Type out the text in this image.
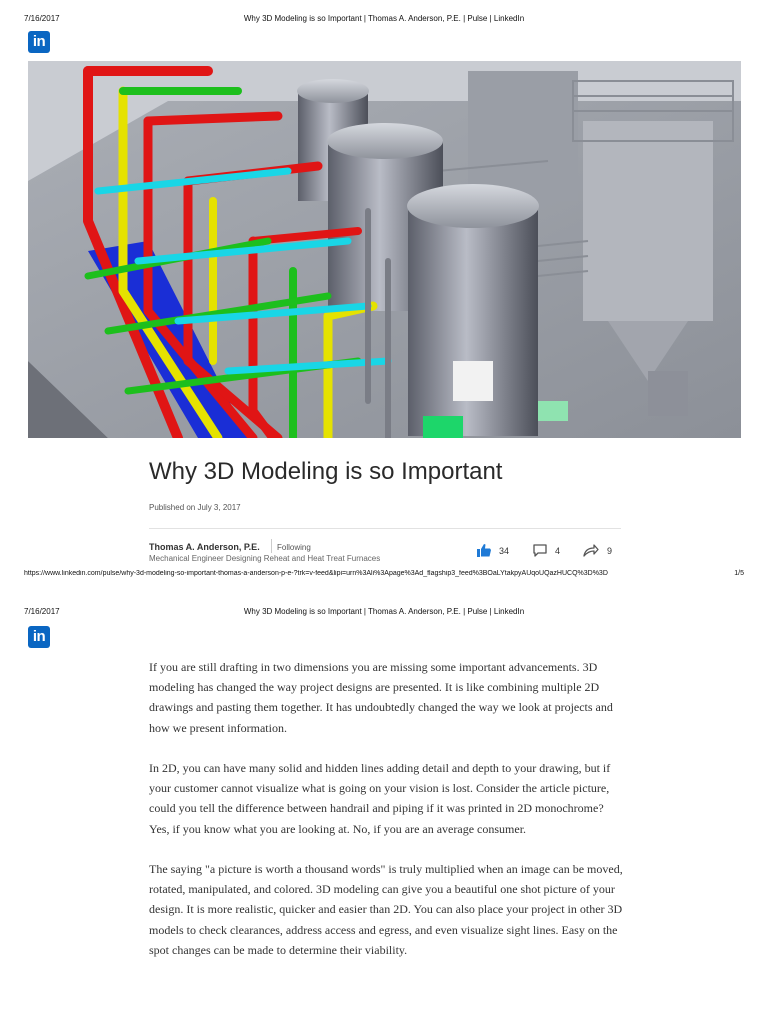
7/16/2017	Why 3D Modeling is so Important | Thomas A. Anderson, P.E. | Pulse | LinkedIn
in
Why 3D Modeling is so Important
Published on July 3, 2017
Thomas A. Anderson, P.E. Following
Mechanical Engineer Designing Reheat and Heat Treat Furnaces
34	4	9
https://www.linkedin.com/pulse/why-3d-modeling-so-important-thomas-a-anderson-p-e-?trk=v-feed&lipi=urn%3Ali%3Apage%3Ad_flagship3_feed%3BOaLYtakpyAUqoUQazHUCQ%3D%3D	1/5
7/16/2017	Why 3D Modeling is so Important | Thomas A. Anderson, P.E. | Pulse | LinkedIn
in

If you are still drafting in two dimensions you are missing some important advancements. 3D modeling has changed the way project designs are presented. It is like combining multiple 2D drawings and pasting them together. It has undoubtedly changed the way we look at projects and how we present information.

In 2D, you can have many solid and hidden lines adding detail and depth to your drawing, but if your customer cannot visualize what is going on your vision is lost. Consider the article picture, could you tell the difference between handrail and piping if it was printed in 2D monochrome? Yes, if you know what you are looking at. No, if you are an average consumer.

The saying "a picture is worth a thousand words" is truly multiplied when an image can be moved, rotated, manipulated, and colored. 3D modeling can give you a beautiful one shot picture of your design. It is more realistic, quicker and easier than 2D. You can also place your project in other 3D models to check clearances, address access and egress, and even visualize sight lines. Easy on the spot changes can be made to determine their viability.
